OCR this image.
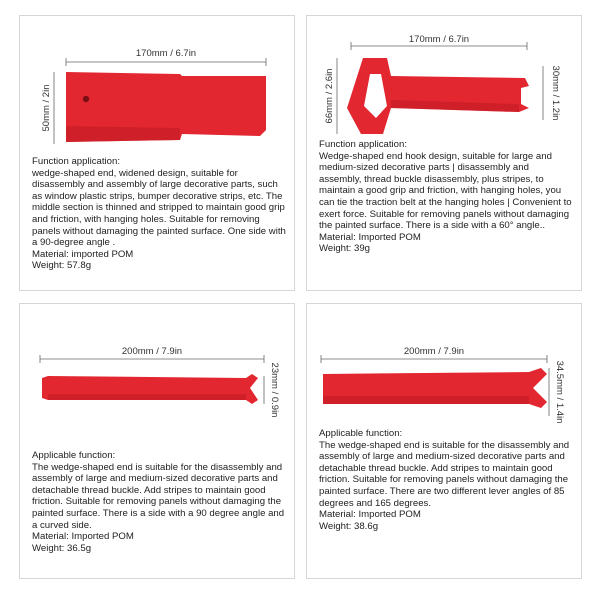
170mm / 6.7in
50mm / 2in
Function application:
wedge-shaped end, widened design, suitable for disassembly and assembly of large decorative parts, such as window plastic strips, bumper decorative strips, etc. The middle section is thinned and stripped to maintain good grip and friction, with hanging holes. Suitable for removing panels without damaging the painted surface. One side with a 90-degree angle .
Material: imported POM
Weight: 57.8g
170mm / 6.7in
66mm / 2.6in	30mm / 1.2in
Function application:
Wedge-shaped end hook design, suitable for large and medium-sized decorative parts | disassembly and assembly, thread buckle disassembly, plus stripes, to maintain a good grip and friction, with hanging holes, you can tie the traction belt at the hanging holes | Convenient to exert force. Suitable for removing panels without damaging the painted surface. There is a side with a 60° angle..
Material: Imported POM
Weight: 39g
200mm / 7.9in
23mm / 0.9in
Applicable function:
The wedge-shaped end is suitable for the disassembly and assembly of large and medium-sized decorative parts and detachable thread buckle. Add stripes to maintain good friction. Suitable for removing panels without damaging the painted surface. There is a side with a 90 degree angle and a curved side.
Material: Imported POM
Weight: 36.5g
200mm / 7.9in
34.5mm / 1.4in
Applicable function:
The wedge-shaped end is suitable for the disassembly and assembly of large and medium-sized decorative parts and detachable thread buckle. Add stripes to maintain good friction. Suitable for removing panels without damaging the painted surface. There are two different lever angles of 85 degrees and 165 degrees.
Material: Imported POM
Weight: 38.6g
